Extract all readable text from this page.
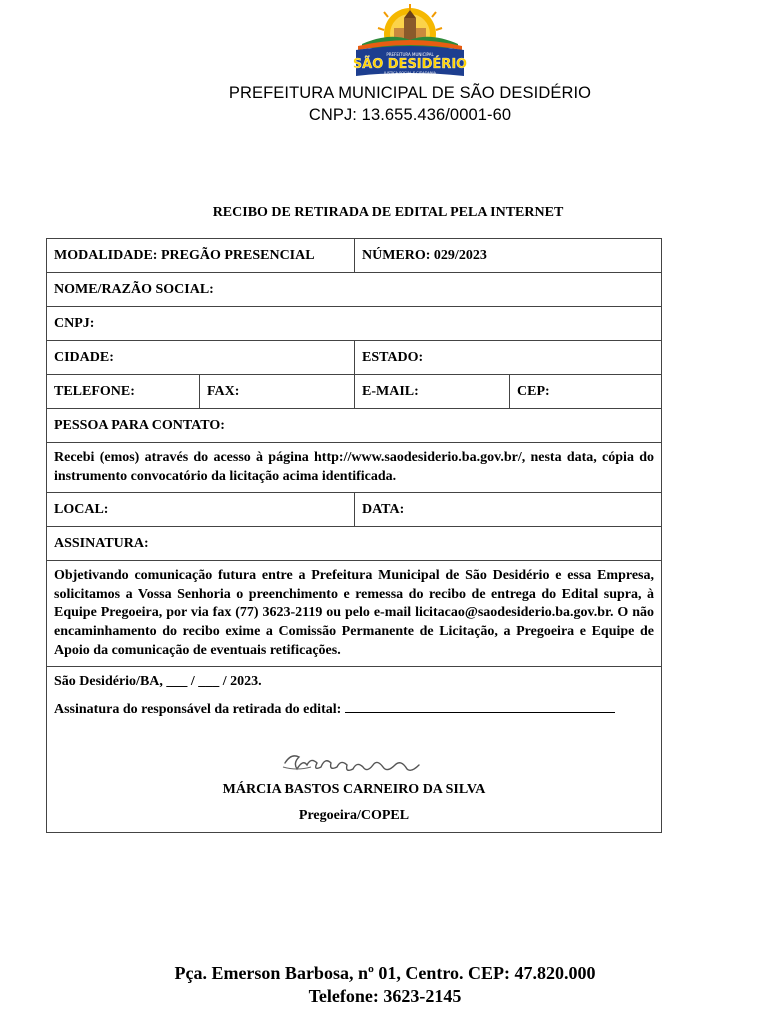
PREFEITURA MUNICIPAL
SÃO DESIDÉRIO
JUSTIÇA SOCIAL E CIDADANIA
PREFEITURA MUNICIPAL DE SÃO DESIDÉRIO
CNPJ: 13.655.436/0001-60
RECIBO DE RETIRADA DE EDITAL PELA INTERNET
MODALIDADE: PREGÃO PRESENCIAL	NÚMERO: 029/2023
NOME/RAZÃO SOCIAL:
CNPJ:
CIDADE:	ESTADO:
TELEFONE:	FAX:	E-MAIL:	CEP:
PESSOA PARA CONTATO:
Recebi (emos) através do acesso à página http://www.saodesiderio.ba.gov.br/, nesta data, cópia do instrumento convocatório da licitação acima identificada.
LOCAL:	DATA:
ASSINATURA:
Objetivando comunicação futura entre a Prefeitura Municipal de São Desidério e essa Empresa, solicitamos a Vossa Senhoria o preenchimento e remessa do recibo de entrega do Edital supra, à Equipe Pregoeira, por via fax (77) 3623-2119 ou pelo e-mail licitacao@saodesiderio.ba.gov.br. O não encaminhamento do recibo exime a Comissão Permanente de Licitação, a Pregoeira e Equipe de Apoio da comunicação de eventuais retificações.
São Desidério/BA, ___ / ___ / 2023.
Assinatura do responsável da retirada do edital:
MÁRCIA BASTOS CARNEIRO DA SILVA
Pregoeira/COPEL
Pça. Emerson Barbosa, nº 01, Centro. CEP: 47.820.000
Telefone: 3623-2145
